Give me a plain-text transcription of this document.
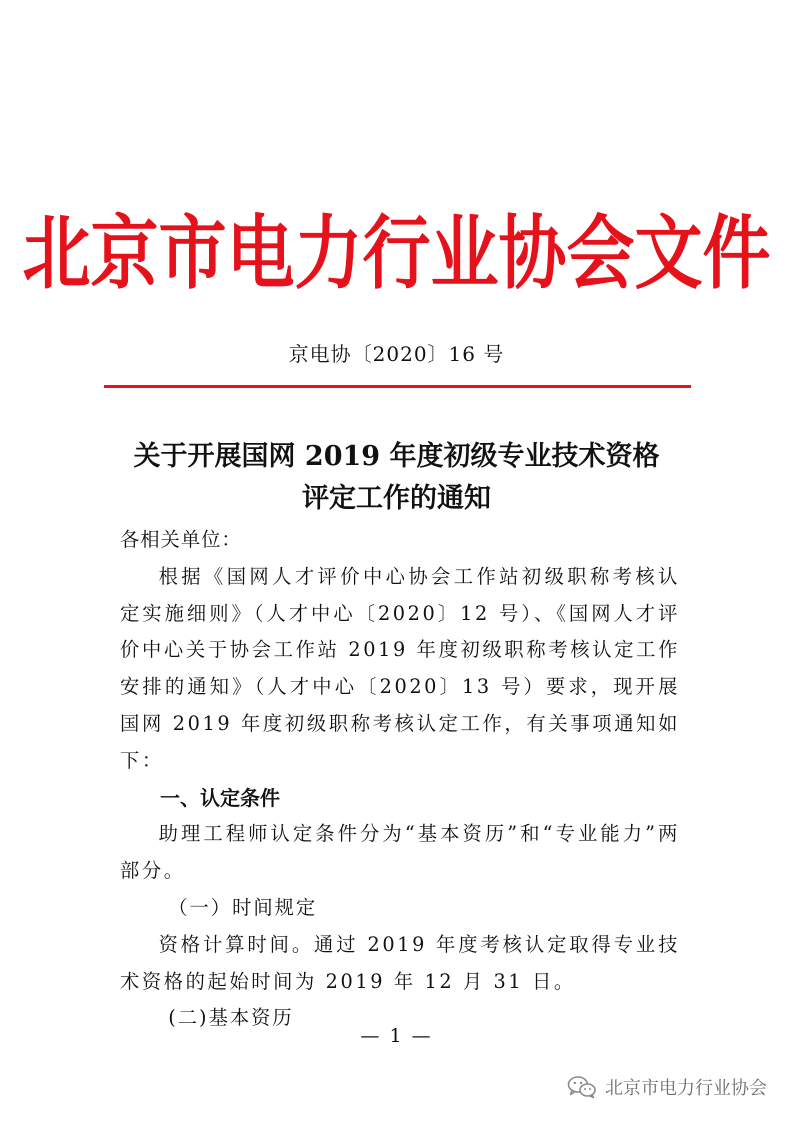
北京市电力行业协会文件
京电协〔2020〕16 号
关于开展国网 2019 年度初级专业技术资格
评定工作的通知

各相关单位：

根据《国网人才评价中心协会工作站初级职称考核认定实施细则》（人才中心〔2020〕12 号）、《国网人才评价中心关于协会工作站 2019 年度初级职称考核认定工作安排的通知》（人才中心〔2020〕13 号）要求，现开展国网 2019 年度初级职称考核认定工作，有关事项通知如下：

一、认定条件

助理工程师认定条件分为“基本资历”和“专业能力”两部分。

（一）时间规定

资格计算时间。通过 2019 年度考核认定取得专业技术资格的起始时间为 2019 年 12 月 31 日。

(二)基本资历

— 1 —
北京市电力行业协会
